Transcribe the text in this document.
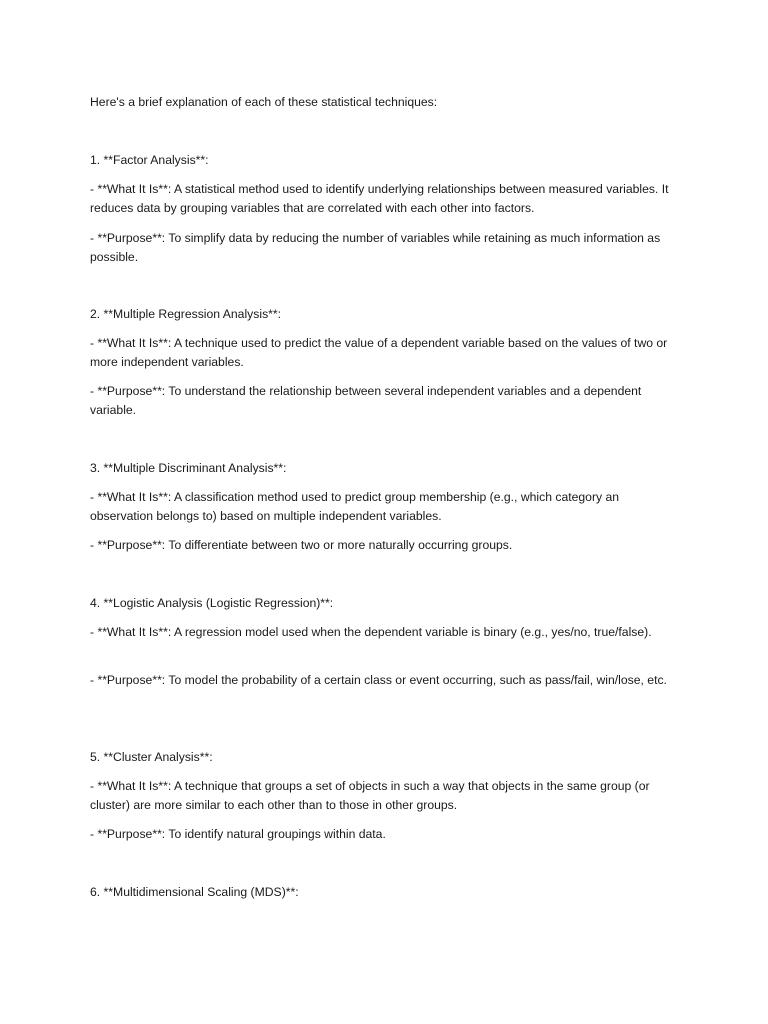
Here's a brief explanation of each of these statistical techniques:

1. **Factor Analysis**:

- **What It Is**: A statistical method used to identify underlying relationships between measured variables. It reduces data by grouping variables that are correlated with each other into factors.

- **Purpose**: To simplify data by reducing the number of variables while retaining as much information as possible.

2. **Multiple Regression Analysis**:

- **What It Is**: A technique used to predict the value of a dependent variable based on the values of two or more independent variables.

- **Purpose**: To understand the relationship between several independent variables and a dependent variable.

3. **Multiple Discriminant Analysis**:

- **What It Is**: A classification method used to predict group membership (e.g., which category an observation belongs to) based on multiple independent variables.

- **Purpose**: To differentiate between two or more naturally occurring groups.

4. **Logistic Analysis (Logistic Regression)**:

- **What It Is**: A regression model used when the dependent variable is binary (e.g., yes/no, true/false).

- **Purpose**: To model the probability of a certain class or event occurring, such as pass/fail, win/lose, etc.

5. **Cluster Analysis**:

- **What It Is**: A technique that groups a set of objects in such a way that objects in the same group (or cluster) are more similar to each other than to those in other groups.

- **Purpose**: To identify natural groupings within data.

6. **Multidimensional Scaling (MDS)**:
